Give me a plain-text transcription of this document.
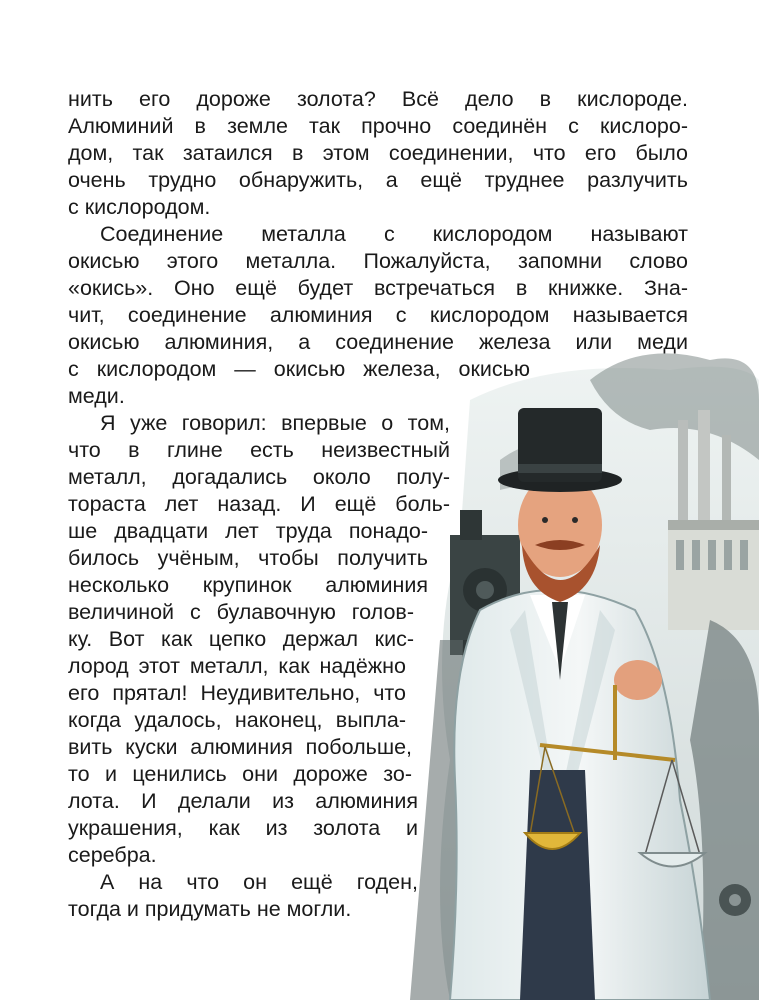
нить его дороже золота? Всё дело в кислороде.
Алюминий в земле так прочно соединён с кислоро-
дом, так затаился в этом соединении, что его было
очень трудно обнаружить, а ещё труднее разлучить
с кислородом.
Соединение металла с кислородом называют
окисью этого металла. Пожалуйста, запомни слово
«окись». Оно ещё будет встречаться в книжке. Зна-
чит, соединение алюминия с кислородом называется
окисью алюминия, а соединение железа или меди
с кислородом — окисью железа, окисью
меди.
Я уже говорил: впервые о том,
что в глине есть неизвестный
металл, догадались около полу-
тораста лет назад. И ещё боль-
ше двадцати лет труда понадо-
билось учёным, чтобы получить
несколько крупинок алюминия
величиной с булавочную голов-
ку. Вот как цепко держал кис-
лород этот металл, как надёжно
его прятал! Неудивительно, что
когда удалось, наконец, выпла-
вить куски алюминия побольше,
то и ценились они дороже зо-
лота. И делали из алюминия
украшения, как из золота и
серебра.
А на что он ещё годен,
тогда и придумать не могли.
